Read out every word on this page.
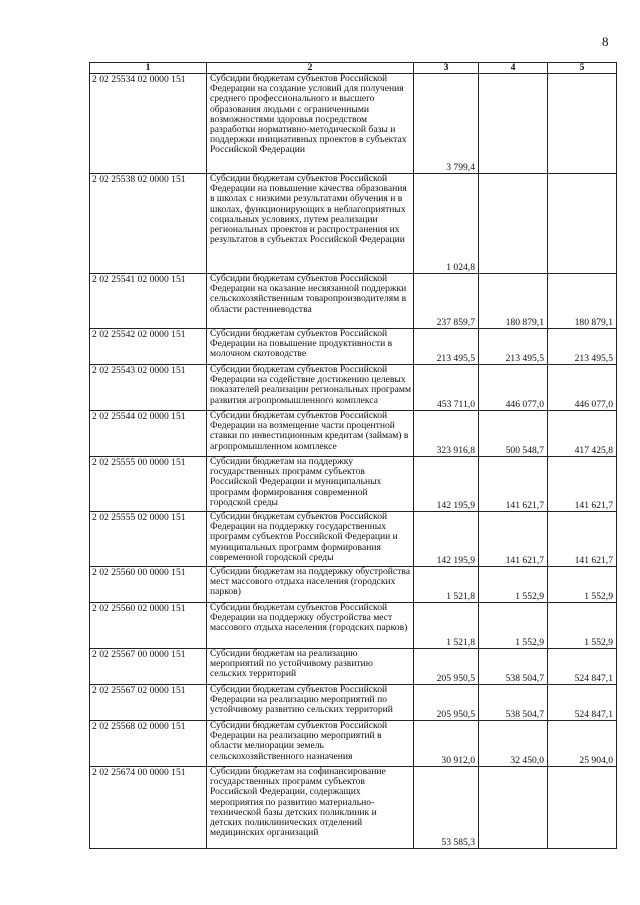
8
1	2	3	4	5
2 02 25534 02 0000 151	Субсидии бюджетам субъектов Российской Федерации на создание условий для получения среднего профессионального и высшего образования людьми с ограниченными возможностями здоровья посредством разработки нормативно-методической базы и поддержки инициативных проектов в субъектах Российской Федерации	3 799,4		
2 02 25538 02 0000 151	Субсидии бюджетам субъектов Российской Федерации на повышение качества образования в школах с низкими результатами обучения и в школах, функционирующих в неблагоприятных социальных условиях, путем реализации региональных проектов и распространения их результатов в субъектах Российской Федерации	1 024,8		
2 02 25541 02 0000 151	Субсидии бюджетам субъектов Российской Федерации на оказание несвязанной поддержки сельскохозяйственным товаропроизводителям в области растениеводства	237 859,7	180 879,1	180 879,1
2 02 25542 02 0000 151	Субсидии бюджетам субъектов Российской Федерации на повышение продуктивности в молочном скотоводстве	213 495,5	213 495,5	213 495,5
2 02 25543 02 0000 151	Субсидии бюджетам субъектов Российской Федерации на содействие достижению целевых показателей реализации региональных программ развития агропромышленного комплекса	453 711,0	446 077,0	446 077,0
2 02 25544 02 0000 151	Субсидии бюджетам субъектов Российской Федерации на возмещение части процентной ставки по инвестиционным кредитам (займам) в агропромышленном комплексе	323 916,8	500 548,7	417 425,8
2 02 25555 00 0000 151	Субсидии бюджетам на поддержку государственных программ субъектов Российской Федерации и муниципальных программ формирования современной городской среды	142 195,9	141 621,7	141 621,7
2 02 25555 02 0000 151	Субсидии бюджетам субъектов Российской Федерации на поддержку государственных программ субъектов Российской Федерации и муниципальных программ формирования современной городской среды	142 195,9	141 621,7	141 621,7
2 02 25560 00 0000 151	Субсидии бюджетам на поддержку обустройства мест массового отдыха населения (городских парков)	1 521,8	1 552,9	1 552,9
2 02 25560 02 0000 151	Субсидии бюджетам субъектов Российской Федерации на поддержку обустройства мест массового отдыха населения (городских парков)	1 521,8	1 552,9	1 552,9
2 02 25567 00 0000 151	Субсидии бюджетам на реализацию мероприятий по устойчивому развитию сельских территорий	205 950,5	538 504,7	524 847,1
2 02 25567 02 0000 151	Субсидии бюджетам субъектов Российской Федерации на реализацию мероприятий по устойчивому развитию сельских территорий	205 950,5	538 504,7	524 847,1
2 02 25568 02 0000 151	Субсидии бюджетам субъектов Российской Федерации на реализацию мероприятий в области мелиорации земель сельскохозяйственного назначения	30 912,0	32 450,0	25 904,0
2 02 25674 00 0000 151	Субсидии бюджетам на софинансирование государственных программ субъектов Российской Федерации, содержащих мероприятия по развитию материально-технической базы детских поликлиник и детских поликлинических отделений медицинских организаций	53 585,3		
